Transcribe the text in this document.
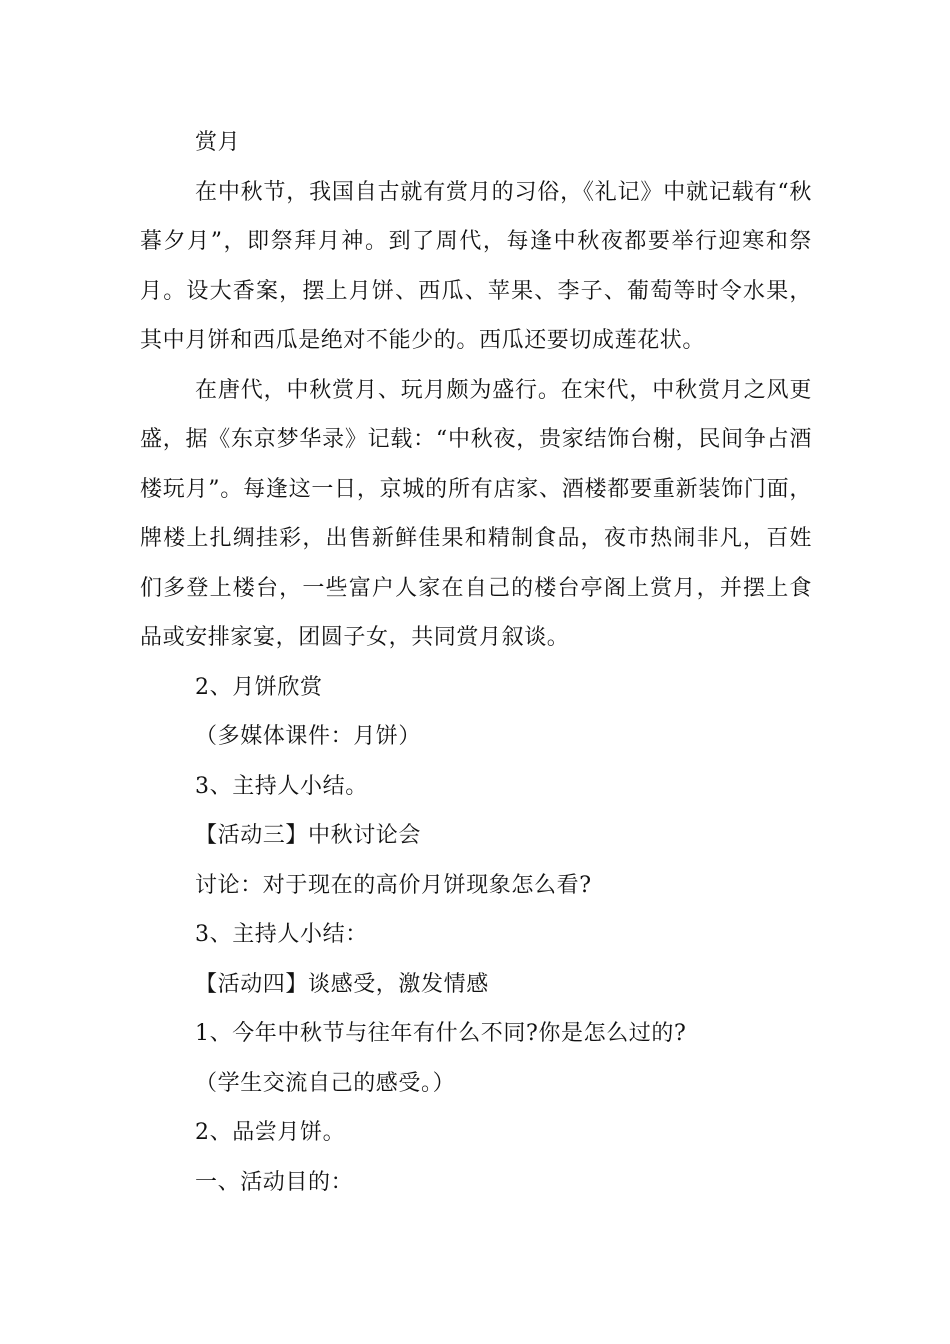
赏月

在中秋节，我国自古就有赏月的习俗，《礼记》中就记载有“秋暮夕月”，即祭拜月神。到了周代，每逢中秋夜都要举行迎寒和祭月。设大香案，摆上月饼、西瓜、苹果、李子、葡萄等时令水果，其中月饼和西瓜是绝对不能少的。西瓜还要切成莲花状。

在唐代，中秋赏月、玩月颇为盛行。在宋代，中秋赏月之风更盛，据《东京梦华录》记载：“中秋夜，贵家结饰台榭，民间争占酒楼玩月”。每逢这一日，京城的所有店家、酒楼都要重新装饰门面，牌楼上扎绸挂彩，出售新鲜佳果和精制食品，夜市热闹非凡，百姓们多登上楼台，一些富户人家在自己的楼台亭阁上赏月，并摆上食品或安排家宴，团圆子女，共同赏月叙谈。

2、月饼欣赏

（多媒体课件：月饼）

3、主持人小结。

【活动三】中秋讨论会

讨论：对于现在的高价月饼现象怎么看?

3、主持人小结：

【活动四】谈感受，激发情感

1、今年中秋节与往年有什么不同?你是怎么过的?

（学生交流自己的感受。）

2、品尝月饼。

一、活动目的：
